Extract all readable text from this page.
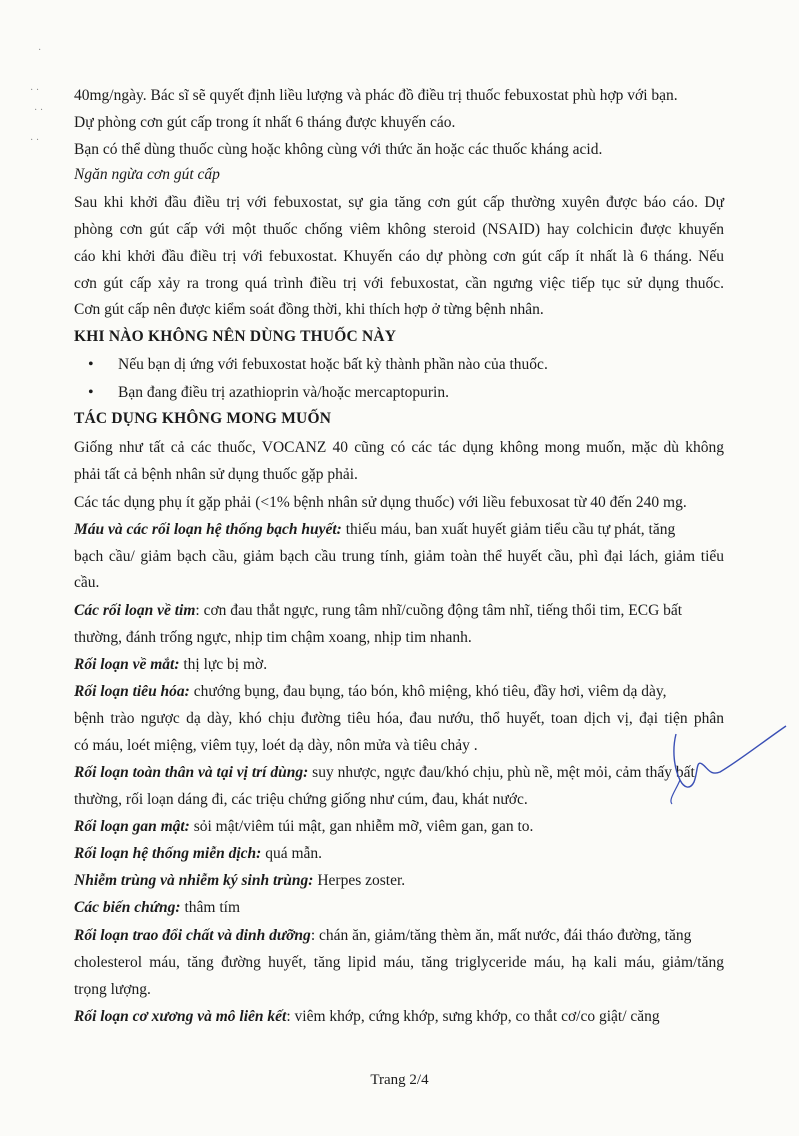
40mg/ngày. Bác sĩ sẽ quyết định liều lượng và phác đồ điều trị thuốc febuxostat phù hợp với bạn.
Dự phòng cơn gút cấp trong ít nhất 6 tháng được khuyến cáo.
Bạn có thể dùng thuốc cùng hoặc không cùng với thức ăn hoặc các thuốc kháng acid.
Ngăn ngừa cơn gút cấp
Sau khi khởi đầu điều trị với febuxostat, sự gia tăng cơn gút cấp thường xuyên được báo cáo. Dự
phòng cơn gút cấp với một thuốc chống viêm không steroid (NSAID) hay colchicin được khuyến
cáo khi khởi đầu điều trị với febuxostat. Khuyến cáo dự phòng cơn gút cấp ít nhất là 6 tháng. Nếu
cơn gút cấp xảy ra trong quá trình điều trị với febuxostat, cần ngưng việc tiếp tục sử dụng thuốc.
Cơn gút cấp nên được kiểm soát đồng thời, khi thích hợp ở từng bệnh nhân.
KHI NÀO KHÔNG NÊN DÙNG THUỐC NÀY
• Nếu bạn dị ứng với febuxostat hoặc bất kỳ thành phần nào của thuốc.
• Bạn đang điều trị azathioprin và/hoặc mercaptopurin.
TÁC DỤNG KHÔNG MONG MUỐN
Giống như tất cả các thuốc, VOCANZ 40 cũng có các tác dụng không mong muốn, mặc dù không
phải tất cả bệnh nhân sử dụng thuốc gặp phải.
Các tác dụng phụ ít gặp phải (<1% bệnh nhân sử dụng thuốc) với liều febuxosat từ 40 đến 240 mg.
Máu và các rối loạn hệ thống bạch huyết: thiếu máu, ban xuất huyết giảm tiểu cầu tự phát, tăng
bạch cầu/ giảm bạch cầu, giảm bạch cầu trung tính, giảm toàn thể huyết cầu, phì đại lách, giảm tiểu
cầu.
Các rối loạn về tim: cơn đau thắt ngực, rung tâm nhĩ/cuồng động tâm nhĩ, tiếng thổi tim, ECG bất
thường, đánh trống ngực, nhịp tim chậm xoang, nhịp tim nhanh.
Rối loạn về mắt: thị lực bị mờ.
Rối loạn tiêu hóa: chướng bụng, đau bụng, táo bón, khô miệng, khó tiêu, đầy hơi, viêm dạ dày,
bệnh trào ngược dạ dày, khó chịu đường tiêu hóa, đau nướu, thổ huyết, toan dịch vị, đại tiện phân
có máu, loét miệng, viêm tụy, loét dạ dày, nôn mửa và tiêu chảy .
Rối loạn toàn thân và tại vị trí dùng: suy nhược, ngực đau/khó chịu, phù nề, mệt mỏi, cảm thấy bất
thường, rối loạn dáng đi, các triệu chứng giống như cúm, đau, khát nước.
Rối loạn gan mật: sỏi mật/viêm túi mật, gan nhiễm mỡ, viêm gan, gan to.
Rối loạn hệ thống miễn dịch: quá mẫn.
Nhiễm trùng và nhiễm ký sinh trùng: Herpes zoster.
Các biến chứng: thâm tím
Rối loạn trao đổi chất và dinh dưỡng: chán ăn, giảm/tăng thèm ăn, mất nước, đái tháo đường, tăng
cholesterol máu, tăng đường huyết, tăng lipid máu, tăng triglyceride máu, hạ kali máu, giảm/tăng
trọng lượng.
Rối loạn cơ xương và mô liên kết: viêm khớp, cứng khớp, sưng khớp, co thắt cơ/co giật/ căng
Trang 2/4
·
· ·
· ·
· ·
